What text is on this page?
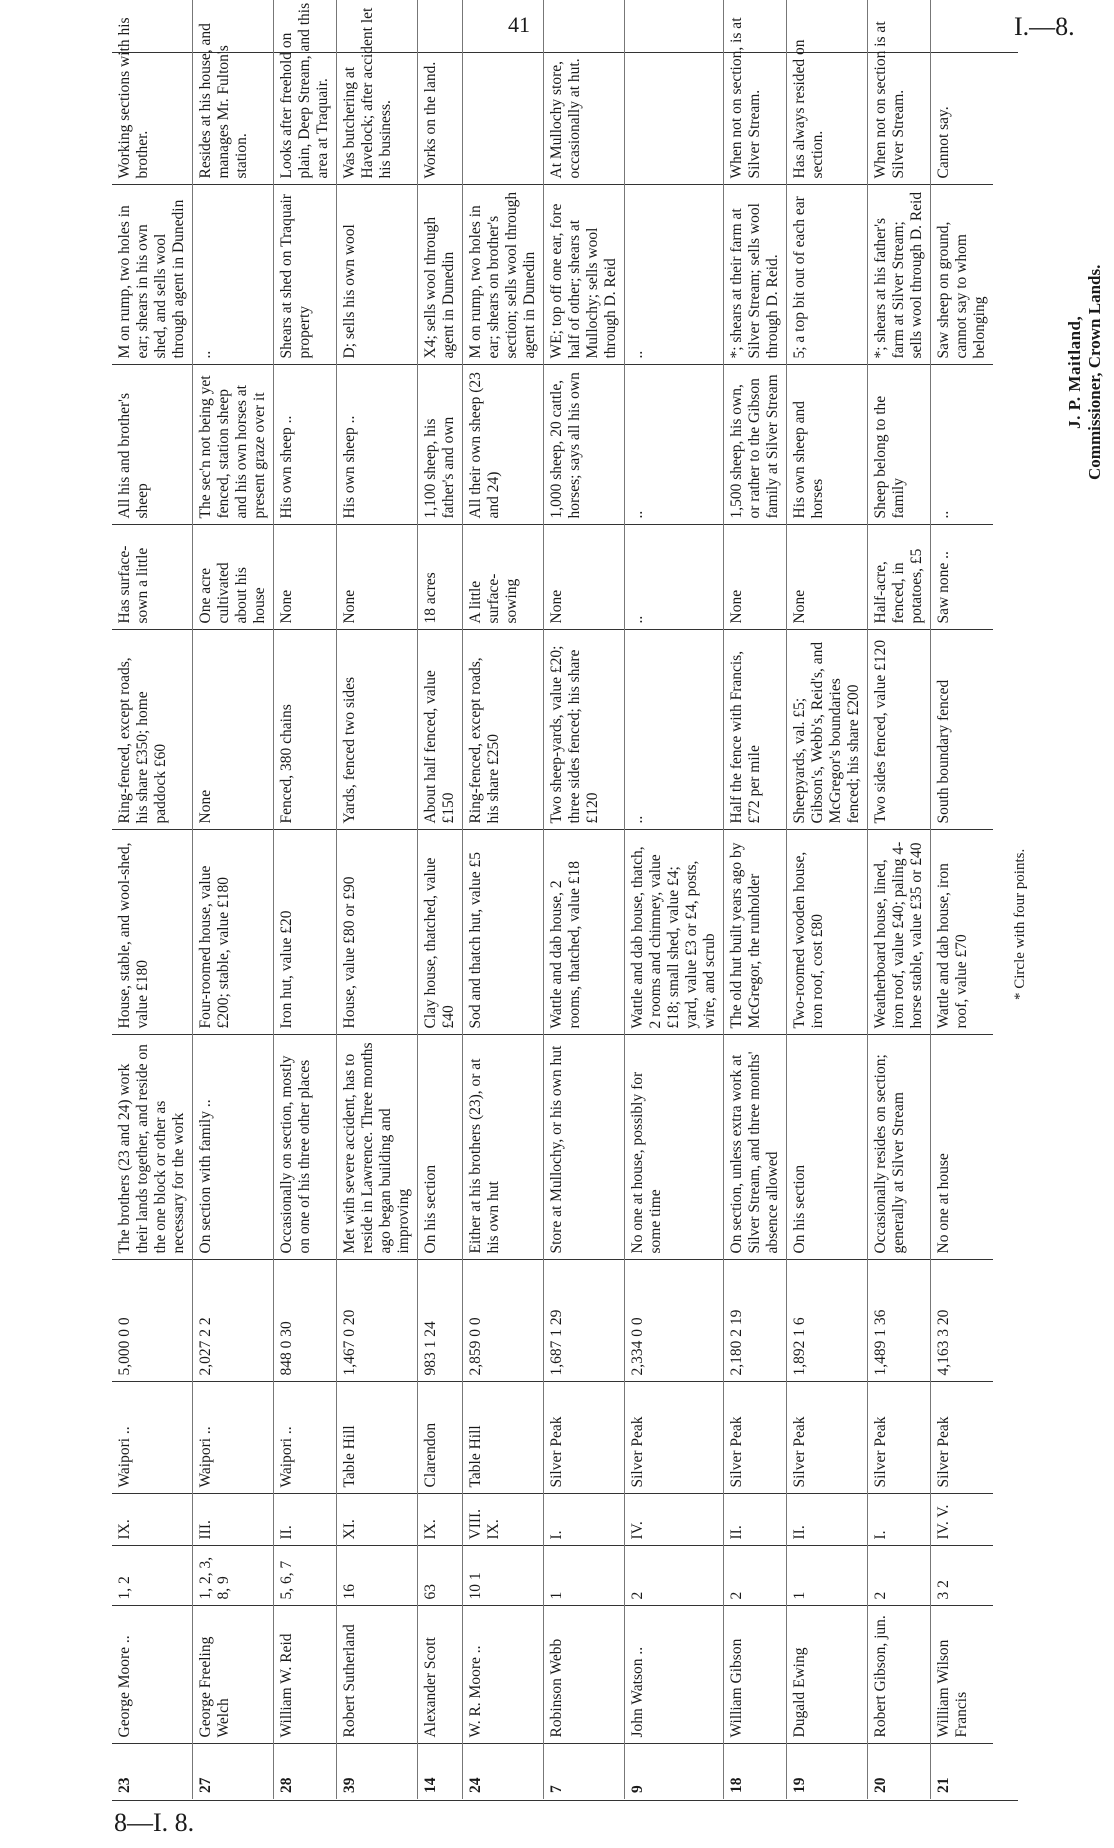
41	I.—8.
23	George Moore ..	1, 2	IX.	Waipori ..	5,000 0 0	The brothers (23 and 24) work their lands together, and reside on the one block or other as necessary for the work	House, stable, and wool-shed, value £180	Ring-fenced, except roads, his share £350; home paddock £60	Has surface-sown a little	All his and brother's sheep	M on rump, two holes in ear; shears in his own shed, and sells wool through agent in Dunedin	Working sections with his brother.
27	George Freeling Welch	1, 2, 3, 8, 9	III.	Waipori ..	2,027 2 2	On section with family ..	Four-roomed house, value £200; stable, value £180	None	One acre cultivated about his house	The sec'n not being yet fenced, station sheep and his own horses at present graze over it	..	Resides at his house, and manages Mr. Fulton's station.
28	William W. Reid	5, 6, 7	II.	Waipori ..	848 0 30	Occasionally on section, mostly on one of his three other places	Iron hut, value £20	Fenced, 380 chains	None	His own sheep ..	Shears at shed on Traquair property	Looks after freehold on plain, Deep Stream, and this area at Traquair.
39	Robert Sutherland	16	XI.	Table Hill	1,467 0 20	Met with severe accident, has to reside in Lawrence. Three months ago began building and improving	House, value £80 or £90	Yards, fenced two sides	None	His own sheep ..	D; sells his own wool	Was butchering at Havelock; after accident let his business.
14	Alexander Scott	63	IX.	Clarendon	983 1 24	On his section	Clay house, thatched, value £40	About half fenced, value £150	18 acres	1,100 sheep, his father's and own	X4; sells wool through agent in Dunedin	Works on the land.
24	W. R. Moore ..	10 1	VIII. IX.	Table Hill	2,859 0 0	Either at his brothers (23), or at his own hut	Sod and thatch hut, value £5	Ring-fenced, except roads, his share £250	A little surface-sowing	All their own sheep (23 and 24)	M on rump, two holes in ear; shears on brother's section; sells wool through agent in Dunedin	
7	Robinson Webb	1	I.	Silver Peak	1,687 1 29	Store at Mullochy, or his own hut	Wattle and dab house, 2 rooms, thatched, value £18	Two sheep-yards, value £20; three sides fenced; his share £120	None	1,000 sheep, 20 cattle, horses; says all his own	WE; top off one ear, fore half of other; shears at Mullochy; sells wool through D. Reid	At Mullochy store, occasionally at hut.
9	John Watson ..	2	IV.	Silver Peak	2,334 0 0	No one at house, possibly for some time	Wattle and dab house, thatch, 2 rooms and chimney, value £18; small shed, value £4; yard, value £3 or £4, posts, wire, and scrub	..	..	..	..	
18	William Gibson	2	II.	Silver Peak	2,180 2 19	On section, unless extra work at Silver Stream, and three months' absence allowed	The old hut built years ago by McGregor, the runholder	Half the fence with Francis, £72 per mile	None	1,500 sheep, his own, or rather to the Gibson family at Silver Stream	*; shears at their farm at Silver Stream; sells wool through D. Reid.	When not on section, is at Silver Stream.
19	Dugald Ewing	1	II.	Silver Peak	1,892 1 6	On his section	Two-roomed wooden house, iron roof, cost £80	Sheepyards, val. £5; Gibson's, Webb's, Reid's, and McGregor's boundaries fenced; his share £200	None	His own sheep and horses	5; a top bit out of each ear	Has always resided on section.
20	Robert Gibson, jun.	2	I.	Silver Peak	1,489 1 36	Occasionally resides on section; generally at Silver Stream	Weatherboard house, lined, iron roof, value £40; paling 4-horse stable, value £35 or £40	Two sides fenced, value £120	Half-acre, fenced, in potatoes, £5	Sheep belong to the family	*; shears at his father's farm at Silver Stream; sells wool through D. Reid	When not on section is at Silver Stream.
21	William Wilson Francis	3 2	IV. V.	Silver Peak	4,163 3 20	No one at house	Wattle and dab house, iron roof, value £70	South boundary fenced	Saw none ..	..	Saw sheep on ground, cannot say to whom belonging	Cannot say.
* Circle with four points.
J. P. Maitland, Commissioner, Crown Lands.
8—I. 8.
